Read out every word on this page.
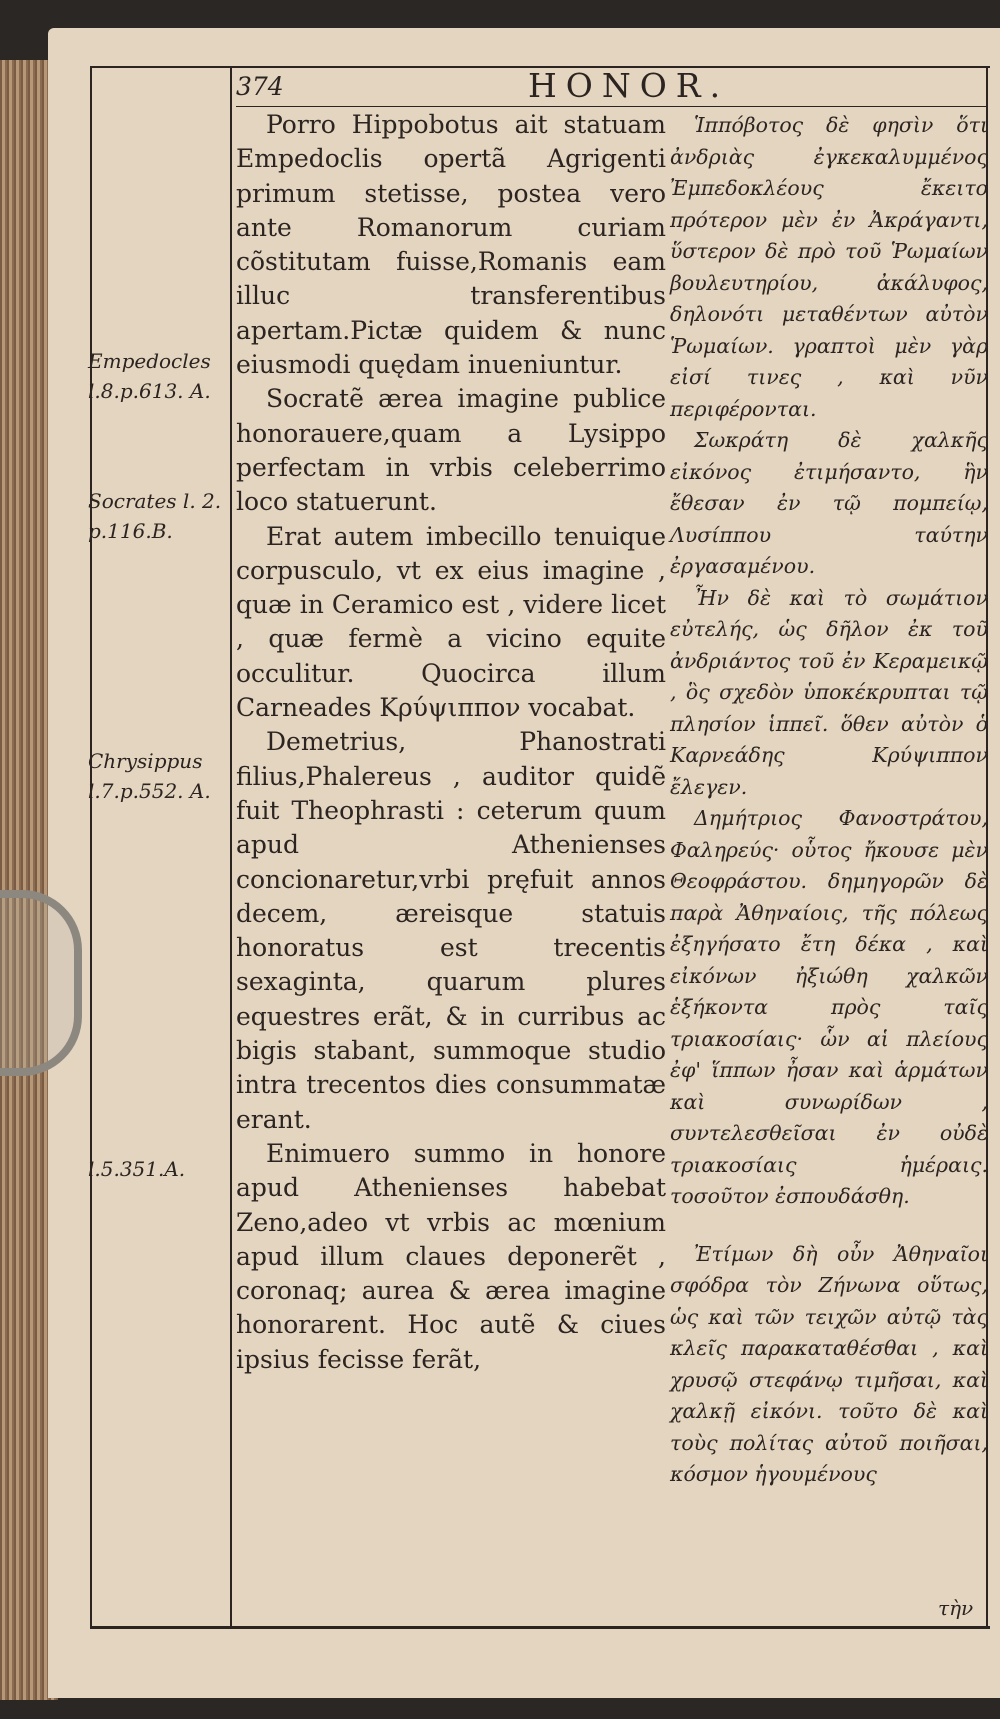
374	HONOR.
Empedocles
l.8.p.613. A.
Socrates l. 2.
p.116.B.
Chrysippus
l.7.p.552. A.
l.5.351.A.

Porro Hippobotus ait statuam Empedoclis opertã Agrigenti primum stetisse, postea vero ante Romanorum curiam cõstitutam fuisse,Romanis eam illuc transferentibus apertam.Pictæ quidem & nunc eiusmodi quędam inueniuntur.

Socratẽ ærea imagine publice honorauere,quam a Lysippo perfectam in vrbis celeberrimo loco statuerunt.

Erat autem imbecillo tenuique corpusculo, vt ex eius imagine , quæ in Ceramico est , videre licet , quæ fermè a vicino equite occulitur. Quocirca illum Carneades Κρύψιππον vocabat.

Demetrius, Phanostrati filius,Phalereus , auditor quidẽ fuit Theophrasti : ceterum quum apud Athenienses concionaretur,vrbi pręfuit annos decem, æreisque statuis honoratus est trecentis sexaginta, quarum plures equestres erãt, & in curribus ac bigis stabant, summoque studio intra trecentos dies consummatæ erant.

Enimuero summo in honore apud Athenienses habebat Zeno,adeo vt vrbis ac mœnium apud illum claues deponerẽt , coronaq; aurea & ærea imagine honorarent. Hoc autẽ & ciues ipsius fecisse ferãt,

Ἱππόβοτος δὲ φησὶν ὅτι ἀνδριὰς ἐγκεκαλυμμένος Ἐμπεδοκλέους ἔκειτο πρότερον μὲν ἐν Ἀκράγαντι, ὕστερον δὲ πρὸ τοῦ Ῥωμαίων βουλευτηρίου, ἀκάλυφος, δηλονότι μεταθέντων αὐτὸν Ῥωμαίων. γραπτοὶ μὲν γὰρ εἰσί τινες , καὶ νῦν περιφέρονται.

Σωκράτη δὲ χαλκῆς εἰκόνος ἐτιμήσαντο, ἣν ἔθεσαν ἐν τῷ πομπείῳ, Λυσίππου ταύτην ἐργασαμένου.

Ἦν δὲ καὶ τὸ σωμάτιον εὐτελής, ὡς δῆλον ἐκ τοῦ ἀνδριάντος τοῦ ἐν Κεραμεικῷ , ὃς σχεδὸν ὑποκέκρυπται τῷ πλησίον ἱππεῖ. ὅθεν αὐτὸν ὁ Καρνεάδης Κρύψιππον ἔλεγεν.

Δημήτριος Φανοστράτου, Φαληρεύς· οὗτος ἤκουσε μὲν Θεοφράστου. δημηγορῶν δὲ παρὰ Ἀθηναίοις, τῆς πόλεως ἐξηγήσατο ἔτη δέκα , καὶ εἰκόνων ἠξιώθη χαλκῶν ἑξήκοντα πρὸς ταῖς τριακοσίαις· ὧν αἱ πλείους ἐφ' ἵππων ἦσαν καὶ ἁρμάτων καὶ συνωρίδων , συντελεσθεῖσαι ἐν οὐδὲ τριακοσίαις ἡμέραις. τοσοῦτον ἐσπουδάσθη.

Ἐτίμων δὴ οὖν Ἀθηναῖοι σφόδρα τὸν Ζήνωνα οὕτως, ὡς καὶ τῶν τειχῶν αὐτῷ τὰς κλεῖς παρακαταθέσθαι , καὶ χρυσῷ στεφάνῳ τιμῆσαι, καὶ χαλκῇ εἰκόνι. τοῦτο δὲ καὶ τοὺς πολίτας αὐτοῦ ποιῆσαι, κόσμον ἡγουμένους

τὴν
